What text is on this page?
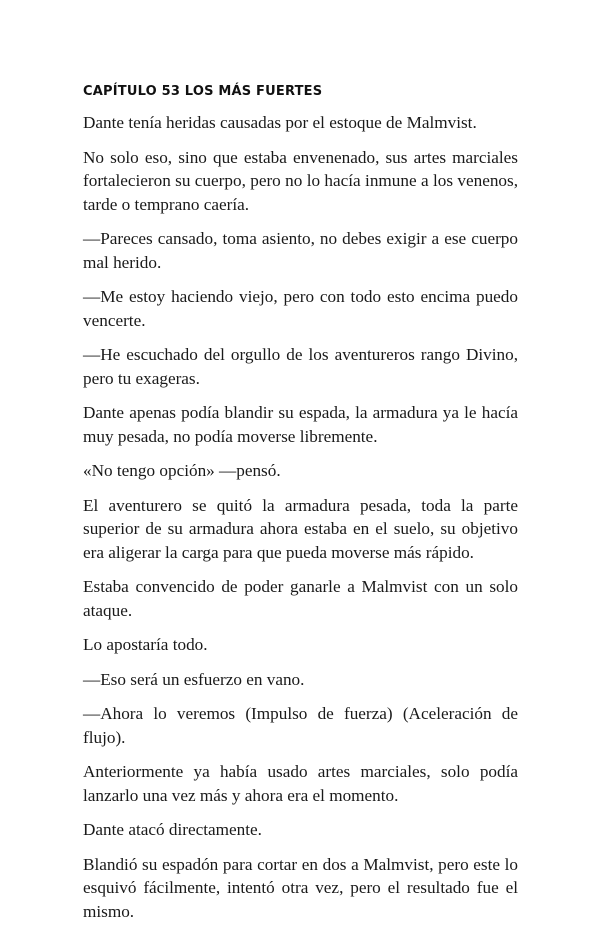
CAPÍTULO 53 LOS MÁS FUERTES

Dante tenía heridas causadas por el estoque de Malmvist.

No solo eso, sino que estaba envenenado, sus artes marciales fortalecieron su cuerpo, pero no lo hacía inmune a los venenos, tarde o temprano caería.

—Pareces cansado, toma asiento, no debes exigir a ese cuerpo mal herido.

—Me estoy haciendo viejo, pero con todo esto encima puedo vencerte.

—He escuchado del orgullo de los aventureros rango Divino, pero tu exageras.

Dante apenas podía blandir su espada, la armadura ya le hacía muy pesada, no podía moverse libremente.

«No tengo opción» —pensó.

El aventurero se quitó la armadura pesada, toda la parte superior de su armadura ahora estaba en el suelo, su objetivo era aligerar la carga para que pueda moverse más rápido.

Estaba convencido de poder ganarle a Malmvist con un solo ataque.

Lo apostaría todo.

—Eso será un esfuerzo en vano.

—Ahora lo veremos (Impulso de fuerza) (Aceleración de flujo).

Anteriormente ya había usado artes marciales, solo podía lanzarlo una vez más y ahora era el momento.

Dante atacó directamente.

Blandió su espadón para cortar en dos a Malmvist, pero este lo esquivó fácilmente, intentó otra vez, pero el resultado fue el mismo.
